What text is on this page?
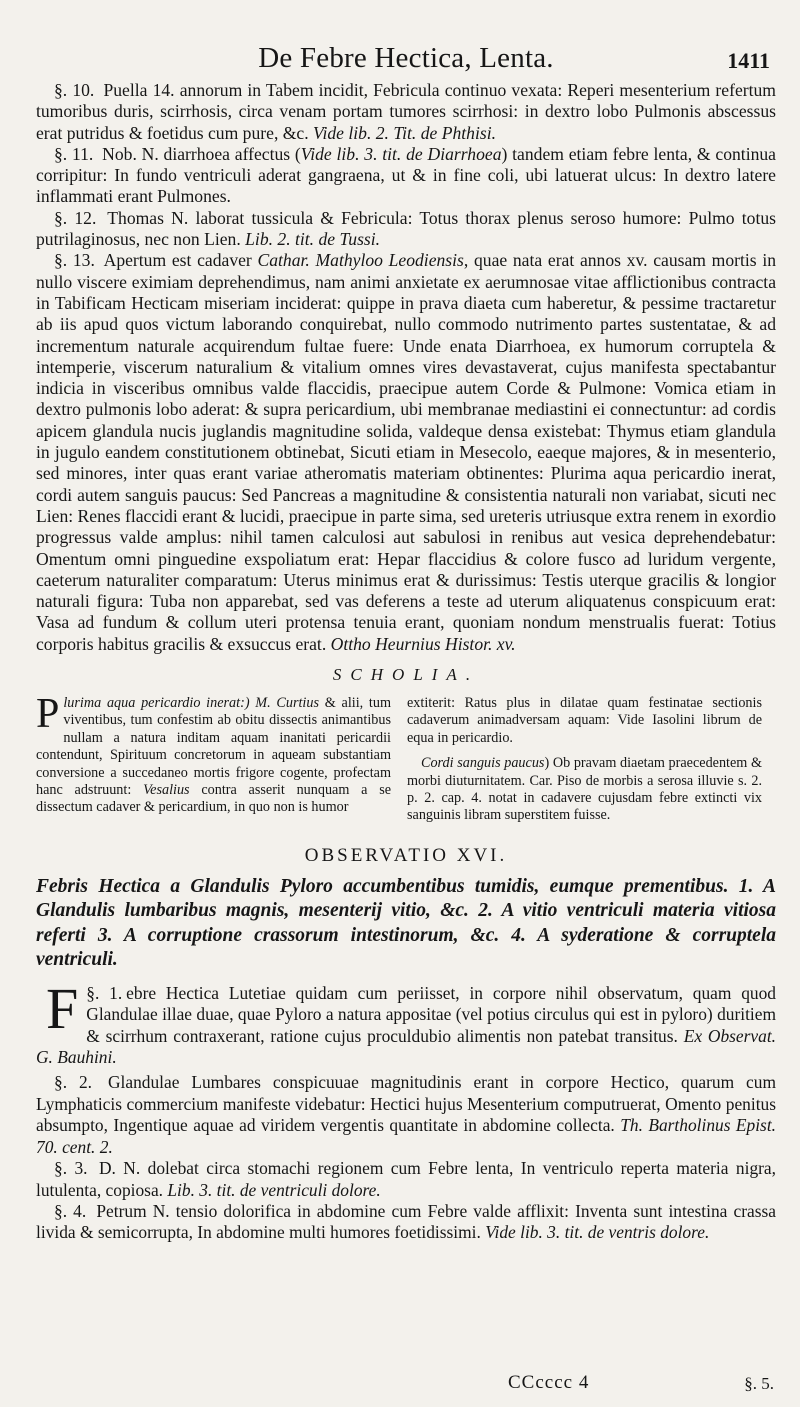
De Febre Hectica, Lenta.	1411

§. 10. Puella 14. annorum in Tabem incidit, Febricula continuo vexata: Reperi mesenterium refertum tumoribus duris, scirrhosis, circa venam portam tumores scirrhosi: in dextro lobo Pulmonis abscessus erat putridus & foetidus cum pure, &c. Vide lib. 2. Tit. de Phthisi.

§. 11. Nob. N. diarrhoea affectus (Vide lib. 3. tit. de Diarrhoea) tandem etiam febre lenta, & continua corripitur: In fundo ventriculi aderat gangraena, ut & in fine coli, ubi latuerat ulcus: In dextro latere inflammati erant Pulmones.

§. 12. Thomas N. laborat tussicula & Febricula: Totus thorax plenus seroso humore: Pulmo totus putrilaginosus, nec non Lien. Lib. 2. tit. de Tussi.

§. 13. Apertum est cadaver Cathar. Mathyloo Leodiensis, quae nata erat annos xv. causam mortis in nullo viscere eximiam deprehendimus, nam animi anxietate ex aerumnosae vitae afflictionibus contracta in Tabificam Hecticam miseriam inciderat: quippe in prava diaeta cum haberetur, & pessime tractaretur ab iis apud quos victum laborando conquirebat, nullo commodo nutrimento partes sustentatae, & ad incrementum naturale acquirendum fultae fuere: Unde enata Diarrhoea, ex humorum corruptela & intemperie, viscerum naturalium & vitalium omnes vires devastaverat, cujus manifesta spectabantur indicia in visceribus omnibus valde flaccidis, praecipue autem Corde & Pulmone: Vomica etiam in dextro pulmonis lobo aderat: & supra pericardium, ubi membranae mediastini ei connectuntur: ad cordis apicem glandula nucis juglandis magnitudine solida, valdeque densa existebat: Thymus etiam glandula in jugulo eandem constitutionem obtinebat, Sicuti etiam in Mesecolo, eaeque majores, & in mesenterio, sed minores, inter quas erant variae atheromatis materiam obtinentes: Plurima aqua pericardio inerat, cordi autem sanguis paucus: Sed Pancreas a magnitudine & consistentia naturali non variabat, sicuti nec Lien: Renes flaccidi erant & lucidi, praecipue in parte sima, sed ureteris utriusque extra renem in exordio progressus valde amplus: nihil tamen calculosi aut sabulosi in renibus aut vesica deprehendebatur: Omentum omni pinguedine exspoliatum erat: Hepar flaccidius & colore fusco ad luridum vergente, caeterum naturaliter comparatum: Uterus minimus erat & durissimus: Testis uterque gracilis & longior naturali figura: Tuba non apparebat, sed vas deferens a teste ad uterum aliquatenus conspicuum erat: Vasa ad fundum & collum uteri protensa tenuia erant, quoniam nondum menstrualis fuerat: Totius corporis habitus gracilis & exsuccus erat. Ottho Heurnius Histor. xv.

SCHOLIA.
Plurima aqua pericardio inerat:) M. Curtius & alii, tum viventibus, tum confestim ab obitu dissectis animantibus nullam a natura inditam aquam inanitati pericardii contendunt, Spirituum concretorum in aqueam substantiam conversione a succedaneo mortis frigore cogente, profectam hanc adstruunt: Vesalius contra asserit nunquam a se dissectum cadaver & pericardium, in quo non is humor
extiterit: Ratus plus in dilatae quam festinatae sectionis cadaverum animadversam aquam: Vide Iasolini librum de equa in pericardio.
Cordi sanguis paucus) Ob pravam diaetam praecedentem & morbi diuturnitatem. Car. Piso de morbis a serosa illuvie s. 2. p. 2. cap. 4. notat in cadavere cujusdam febre extincti vix sanguinis libram superstitem fuisse.
OBSERVATIO XVI.
Febris Hectica a Glandulis Pyloro accumbentibus tumidis, eumque prementibus. 1. A Glandulis lumbaribus magnis, mesenterij vitio, &c. 2. A vitio ventriculi materia vitiosa referti 3. A corruptione crassorum intestinorum, &c. 4. A syderatione & corruptela ventriculi.

§. 1.
F	ebre Hectica Lutetiae quidam cum periisset, in corpore nihil observatum, quam quod Glandulae illae duae, quae Pyloro a natura appositae (vel potius circulus qui est in pyloro) duritiem & scirrhum contraxerant, ratione cujus proculdubio alimentis non patebat transitus. Ex Observat. G. Bauhini.

§. 2. Glandulae Lumbares conspicuuae magnitudinis erant in corpore Hectico, quarum cum Lymphaticis commercium manifeste videbatur: Hectici hujus Mesenterium computruerat, Omento penitus absumpto, Ingentique aquae ad viridem vergentis quantitate in abdomine collecta. Th. Bartholinus Epist. 70. cent. 2.

§. 3. D. N. dolebat circa stomachi regionem cum Febre lenta, In ventriculo reperta materia nigra, lutulenta, copiosa. Lib. 3. tit. de ventriculi dolore.

§. 4. Petrum N. tensio dolorifica in abdomine cum Febre valde afflixit: Inventa sunt intestina crassa livida & semicorrupta, In abdomine multi humores foetidissimi. Vide lib. 3. tit. de ventris dolore.

CCcccc 4	§. 5.
